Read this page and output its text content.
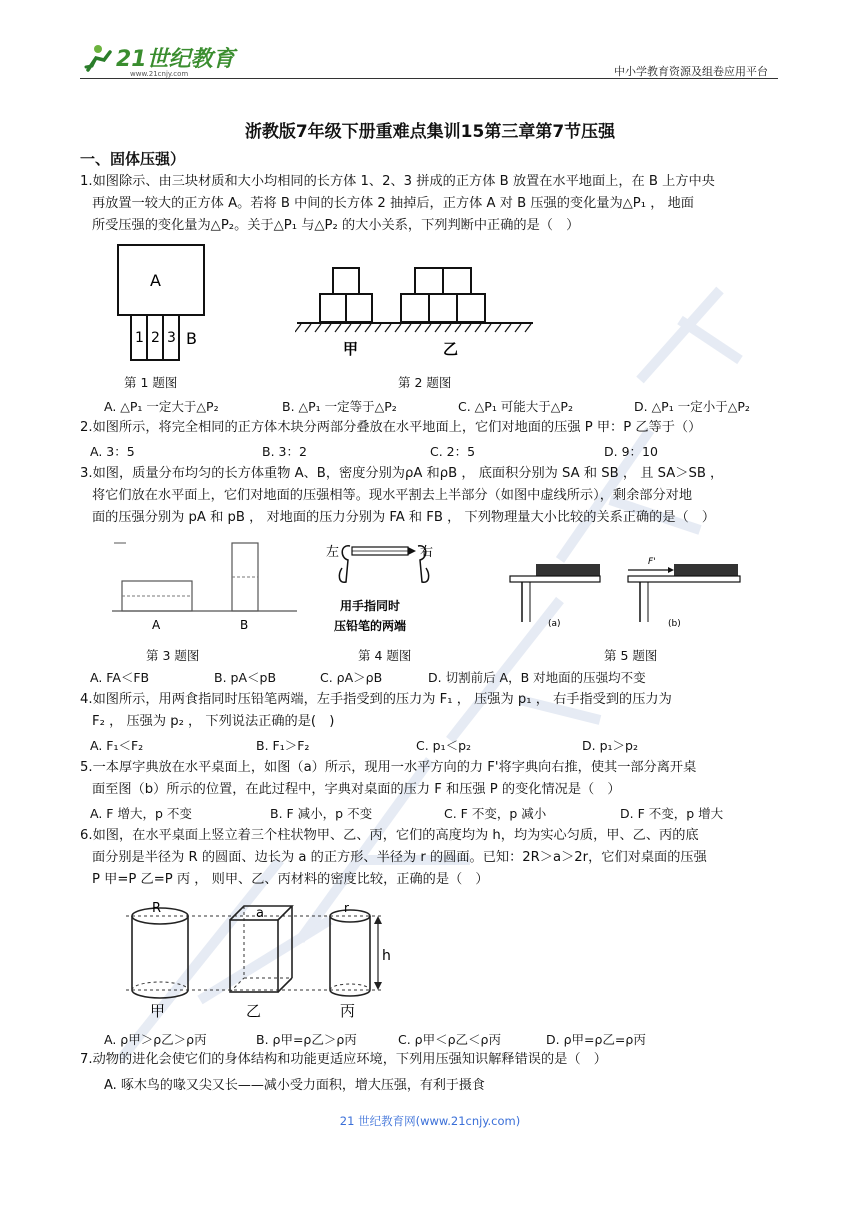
21世纪教育
www.21cnjy.com	中小学教育资源及组卷应用平台
浙教版7年级下册重难点集训15第三章第7节压强
一、固体压强）
1.如图除示、由三块材质和大小均相同的长方体 1、2、3 拼成的正方体 B 放置在水平地面上，在 B 上方中央
再放置一较大的正方体 A。若将 B 中间的长方体 2 抽掉后，正方体 A 对 B 压强的变化量为△P₁ ， 地面
所受压强的变化量为△P₂。关于△P₁ 与△P₂ 的大小关系，下列判断中正确的是（　）
A
1 2 3 B
甲	乙
第 1 题图	第 2 题图
A. △P₁ 一定大于△P₂	B. △P₁ 一定等于△P₂	C. △P₁ 可能大于△P₂	D. △P₁ 一定小于△P₂
2.如图所示，将完全相同的正方体木块分两部分叠放在水平地面上，它们对地面的压强 P 甲：P 乙等于（）
A. 3：5	B. 3：2	C. 2：5	D. 9：10
3.如图，质量分布均匀的长方体重物 A、B，密度分别为ρA 和ρB ， 底面积分别为 SA 和 SB ， 且 SA＞SB ，
将它们放在水平面上，它们对地面的压强相等。现水平割去上半部分（如图中虚线所示），剩余部分对地
面的压强分别为 pA 和 pB ， 对地面的压力分别为 FA 和 FB ， 下列物理量大小比较的关系正确的是（　）
A	B
左	右
用手指同时
压铅笔的两端	(a)
F'
(b)
第 3 题图	第 4 题图	第 5 题图
A. FA＜FB	B. pA＜pB	C. ρA＞ρB	D. 切割前后 A，B 对地面的压强均不变
4.如图所示，用两食指同时压铅笔两端，左手指受到的压力为 F₁ ， 压强为 p₁ ， 右手指受到的压力为
F₂ ， 压强为 p₂ ， 下列说法正确的是(　)
A. F₁＜F₂	B. F₁＞F₂	C. p₁＜p₂	D. p₁＞p₂
5.一本厚字典放在水平桌面上，如图（a）所示，现用一水平方向的力 F'将字典向右推，使其一部分离开桌
面至图（b）所示的位置，在此过程中，字典对桌面的压力 F 和压强 P 的变化情况是（　）
A. F 增大，p 不变	B. F 减小，p 不变	C. F 不变，p 减小	D. F 不变，p 增大
6.如图，在水平桌面上竖立着三个柱状物甲、乙、丙，它们的高度均为 h，均为实心匀质，甲、乙、丙的底
面分别是半径为 R 的圆面、边长为 a 的正方形、半径为 r 的圆面。已知：2R＞a＞2r，它们对桌面的压强
P 甲=P 乙=P 丙 ， 则甲、乙、丙材料的密度比较，正确的是（　）
h
R	a	r
甲	乙	丙
A. ρ甲＞ρ乙＞ρ丙	B. ρ甲=ρ乙＞ρ丙	C. ρ甲＜ρ乙＜ρ丙	D. ρ甲=ρ乙=ρ丙
7.动物的进化会使它们的身体结构和功能更适应环境，下列用压强知识解释错误的是（　）
A. 啄木鸟的喙又尖又长——减小受力面积，增大压强，有利于摄食
21 世纪教育网(www.21cnjy.com)
